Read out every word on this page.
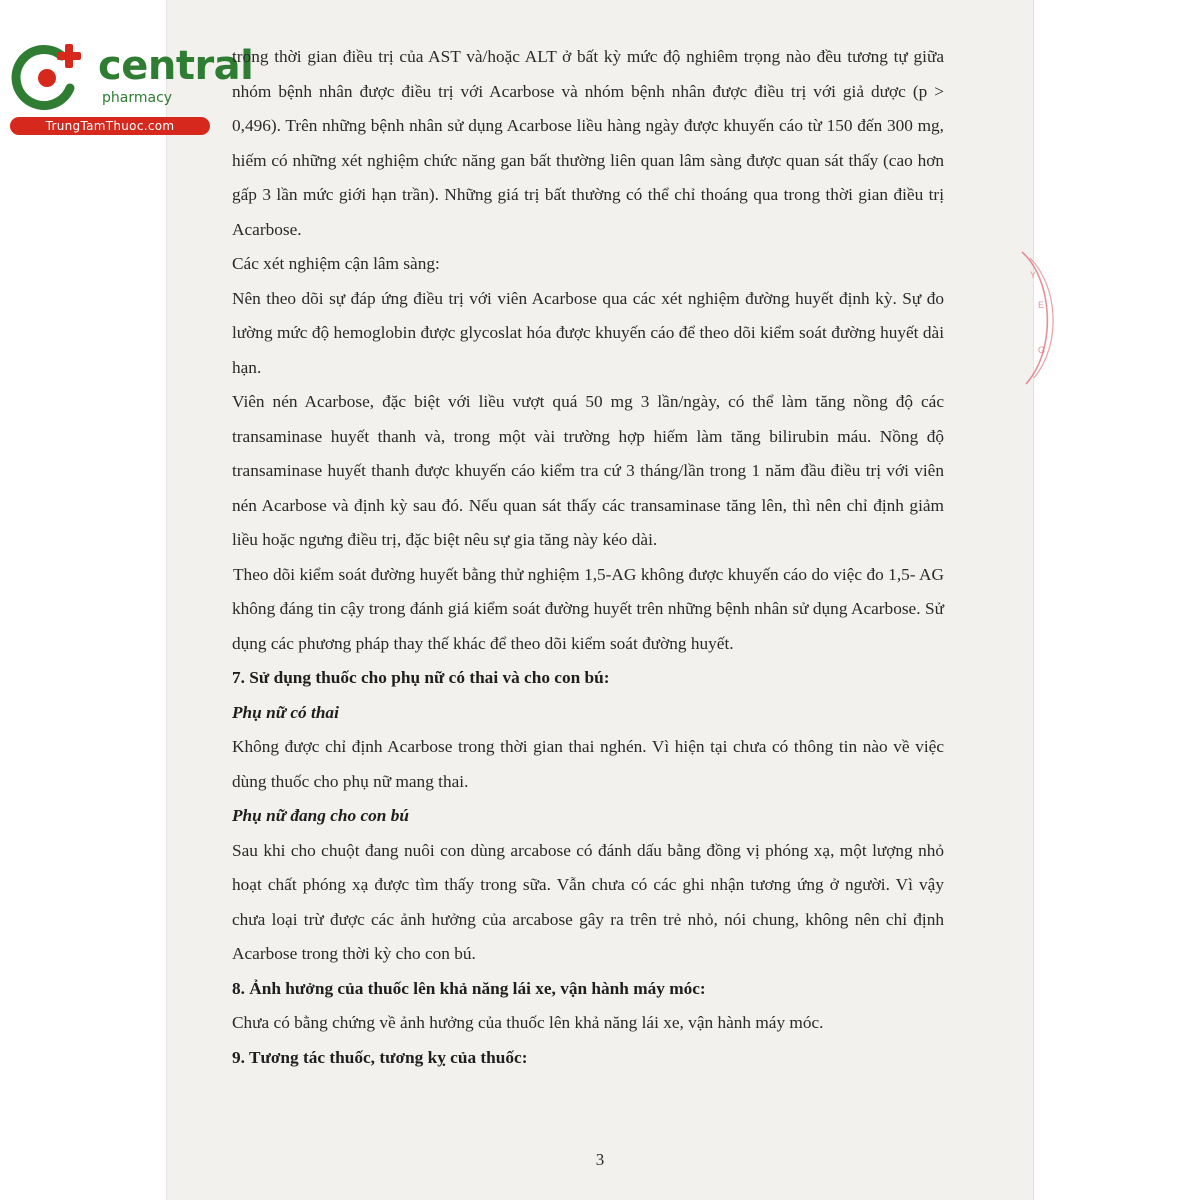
central
pharmacy
TrungTamThuoc.com
Y
E
G

trong thời gian điều trị của AST và/hoặc ALT ở bất kỳ mức độ nghiêm trọng nào đều tương tự giữa nhóm bệnh nhân được điều trị với Acarbose và nhóm bệnh nhân được điều trị với giả dược (p > 0,496). Trên những bệnh nhân sử dụng Acarbose liều hàng ngày được khuyến cáo từ 150 đến 300 mg, hiếm có những xét nghiệm chức năng gan bất thường liên quan lâm sàng được quan sát thấy (cao hơn gấp 3 lần mức giới hạn trần). Những giá trị bất thường có thể chỉ thoáng qua trong thời gian điều trị Acarbose.

Các xét nghiệm cận lâm sàng:

Nên theo dõi sự đáp ứng điều trị với viên Acarbose qua các xét nghiệm đường huyết định kỳ. Sự đo lường mức độ hemoglobin được glycoslat hóa được khuyến cáo để theo dõi kiểm soát đường huyết dài hạn.

Viên nén Acarbose, đặc biệt với liều vượt quá 50 mg 3 lần/ngày, có thể làm tăng nồng độ các transaminase huyết thanh và, trong một vài trường hợp hiếm làm tăng bilirubin máu. Nồng độ transaminase huyết thanh được khuyến cáo kiểm tra cứ 3 tháng/lần trong 1 năm đầu điều trị với viên nén Acarbose và định kỳ sau đó. Nếu quan sát thấy các transaminase tăng lên, thì nên chỉ định giảm liều hoặc ngưng điều trị, đặc biệt nêu sự gia tăng này kéo dài.

Theo dõi kiểm soát đường huyết bằng thử nghiệm 1,5-AG không được khuyến cáo do việc đo 1,5- AG không đáng tin cậy trong đánh giá kiểm soát đường huyết trên những bệnh nhân sử dụng Acarbose. Sử dụng các phương pháp thay thế khác để theo dõi kiểm soát đường huyết.

7. Sử dụng thuốc cho phụ nữ có thai và cho con bú:
Phụ nữ có thai

Không được chỉ định Acarbose trong thời gian thai nghén. Vì hiện tại chưa có thông tin nào về việc dùng thuốc cho phụ nữ mang thai.

Phụ nữ đang cho con bú

Sau khi cho chuột đang nuôi con dùng arcabose có đánh dấu bằng đồng vị phóng xạ, một lượng nhỏ hoạt chất phóng xạ được tìm thấy trong sữa. Vẫn chưa có các ghi nhận tương ứng ở người. Vì vậy chưa loại trừ được các ảnh hưởng của arcabose gây ra trên trẻ nhỏ, nói chung, không nên chỉ định Acarbose trong thời kỳ cho con bú.

8. Ảnh hưởng của thuốc lên khả năng lái xe, vận hành máy móc:

Chưa có bằng chứng về ảnh hưởng của thuốc lên khả năng lái xe, vận hành máy móc.

9. Tương tác thuốc, tương kỵ của thuốc:
3
